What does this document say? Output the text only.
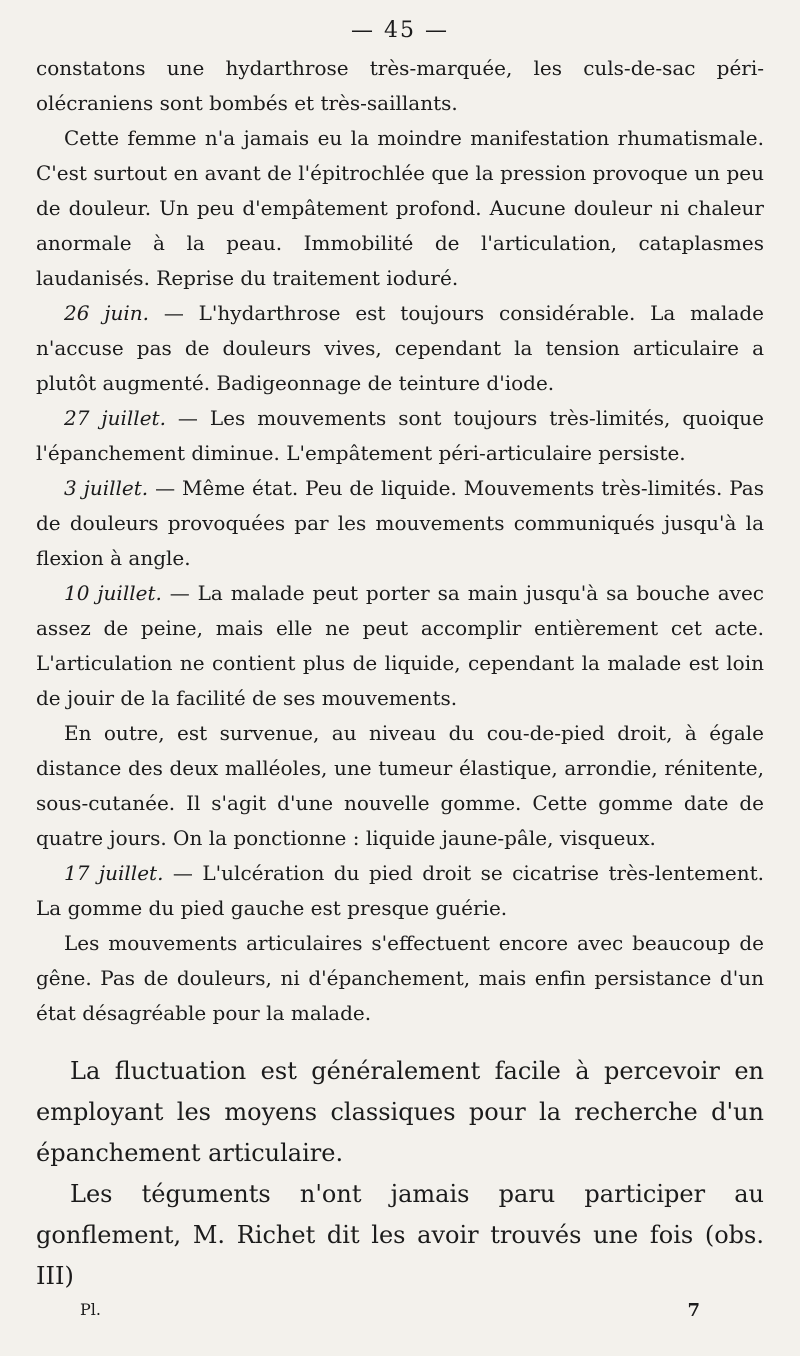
— 45 —

constatons une hydarthrose très-marquée, les culs-de-sac péri-olécraniens sont bombés et très-saillants.

Cette femme n'a jamais eu la moindre manifestation rhumatismale. C'est surtout en avant de l'épitrochlée que la pression provoque un peu de douleur. Un peu d'empâtement profond. Aucune douleur ni chaleur anormale à la peau. Immobilité de l'articulation, cataplasmes laudanisés. Reprise du traitement ioduré.

26 juin. — L'hydarthrose est toujours considérable. La malade n'accuse pas de douleurs vives, cependant la tension articulaire a plutôt augmenté. Badigeonnage de teinture d'iode.

27 juillet. — Les mouvements sont toujours très-limités, quoique l'épanchement diminue. L'empâtement péri-articulaire persiste.

3 juillet. — Même état. Peu de liquide. Mouvements très-limités. Pas de douleurs provoquées par les mouvements communiqués jusqu'à la flexion à angle.

10 juillet. — La malade peut porter sa main jusqu'à sa bouche avec assez de peine, mais elle ne peut accomplir entièrement cet acte. L'articulation ne contient plus de liquide, cependant la malade est loin de jouir de la facilité de ses mouvements.

En outre, est survenue, au niveau du cou-de-pied droit, à égale distance des deux malléoles, une tumeur élastique, arrondie, rénitente, sous-cutanée. Il s'agit d'une nouvelle gomme. Cette gomme date de quatre jours. On la ponctionne : liquide jaune-pâle, visqueux.

17 juillet. — L'ulcération du pied droit se cicatrise très-lentement. La gomme du pied gauche est presque guérie.

Les mouvements articulaires s'effectuent encore avec beaucoup de gêne. Pas de douleurs, ni d'épanchement, mais enfin persistance d'un état désagréable pour la malade.

La fluctuation est généralement facile à percevoir en employant les moyens classiques pour la recherche d'un épanchement articulaire.

Les téguments n'ont jamais paru participer au gonflement, M. Richet dit les avoir trouvés une fois (obs. III)

Pl.	7
